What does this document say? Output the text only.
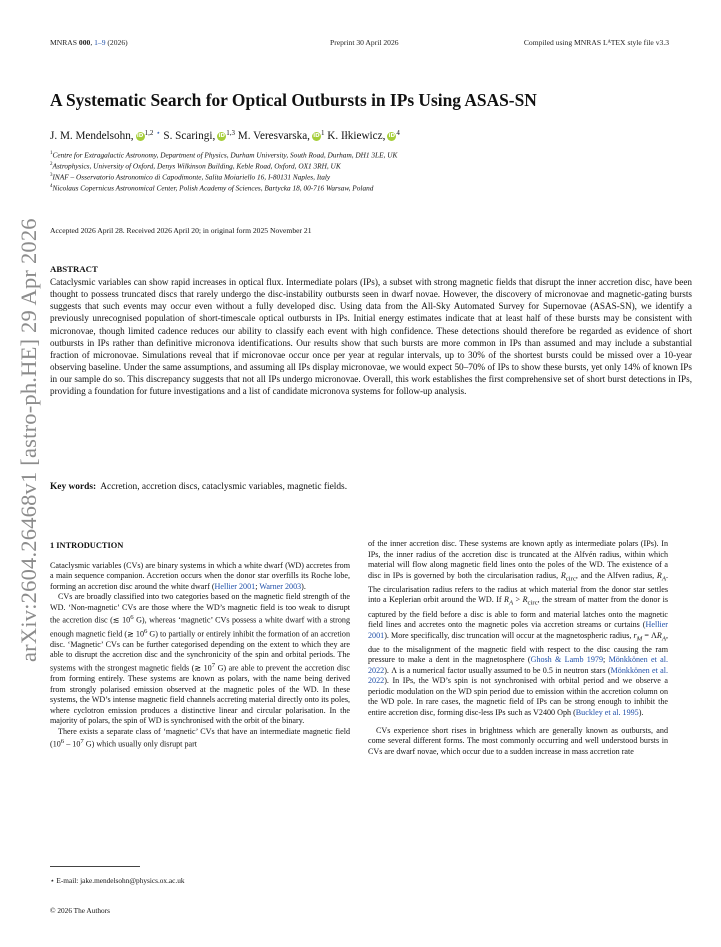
MNRAS 000, 1–9 (2026)	Preprint 30 April 2026	Compiled using MNRAS LᴬTEX style file v3.3
A Systematic Search for Optical Outbursts in IPs Using ASAS-SN
J. M. Mendelsohn, iD$^{1,2}$ ⋆ S. Scaringi, iD$^{1,3}$ M. Veresvarska, $iD^1$ K. Iłkiewicz, $iD^4$
$^1$Centre for Extragalactic Astronomy, Department of Physics, Durham University, South Road, Durham, DH1 3LE, UK
$^2$Astrophysics, University of Oxford, Denys Wilkinson Building, Keble Road, Oxford, OX1 3RH, UK
$^3$INAF – Osservatorio Astronomico di Capodimonte, Salita Moiariello 16, I-80131 Naples, Italy
$^4$Nicolaus Copernicus Astronomical Center, Polish Academy of Sciences, Bartycka 18, 00-716 Warsaw, Poland
Accepted 2026 April 28. Received 2026 April 20; in original form 2025 November 21
arXiv:2604.26468v1 [astro-ph.HE] 29 Apr 2026	ABSTRACT

Cataclysmic variables can show rapid increases in optical flux. Intermediate polars (IPs), a subset with strong magnetic fields that disrupt the inner accretion disc, have been thought to possess truncated discs that rarely undergo the disc-instability outbursts seen in dwarf novae. However, the discovery of micronovae and magnetic-gating bursts suggests that such events may occur even without a fully developed disc. Using data from the All-Sky Automated Survey for Supernovae (ASAS-SN), we identify a previously unrecognised population of short-timescale optical outbursts in IPs. Initial energy estimates indicate that at least half of these bursts may be consistent with micronovae, though limited cadence reduces our ability to classify each event with high confidence. These detections should therefore be regarded as evidence of short outbursts in IPs rather than definitive micronova identifications. Our results show that such bursts are more common in IPs than assumed and may include a substantial fraction of micronovae. Simulations reveal that if micronovae occur once per year at regular intervals, up to 30% of the shortest bursts could be missed over a 10-year observing baseline. Under the same assumptions, and assuming all IPs display micronovae, we would expect 50–70% of IPs to show these bursts, yet only 14% of known IPs in our sample do so. This discrepancy suggests that not all IPs undergo micronovae. Overall, this work establishes the first comprehensive set of short burst detections in IPs, providing a foundation for future investigations and a list of candidate micronova systems for follow-up analysis.

Key words: Accretion, accretion discs, cataclysmic variables, magnetic fields.
1 INTRODUCTION

Cataclysmic variables (CVs) are binary systems in which a white dwarf (WD) accretes from a main sequence companion. Accretion occurs when the donor star overfills its Roche lobe, forming an accretion disc around the white dwarf (Hellier 2001; Warner 2003).

CVs are broadly classified into two categories based on the magnetic field strength of the WD. ‘Non-magnetic’ CVs are those where the WD’s magnetic field is too weak to disrupt the accretion disc (≲ $10^6$ G), whereas ‘magnetic’ CVs possess a white dwarf with a strong enough magnetic field (≳ $10^6$ G) to partially or entirely inhibit the formation of an accretion disc. ‘Magnetic’ CVs can be further categorised depending on the extent to which they are able to disrupt the accretion disc and the synchronicity of the spin and orbital periods. The systems with the strongest magnetic fields (≳ $10^7$ G) are able to prevent the accretion disc from forming entirely. These systems are known as polars, with the name being derived from strongly polarised emission observed at the magnetic poles of the WD. In these systems, the WD’s intense magnetic field channels accreting material directly onto its poles, where cyclotron emission produces a distinctive linear and circular polarisation. In the majority of polars, the spin of WD is synchronised with the orbit of the binary.

There exists a separate class of ‘magnetic’ CVs that have an intermediate magnetic field ($10^6 - 10^7$ G) which usually only disrupt part

of the inner accretion disc. These systems are known aptly as intermediate polars (IPs). In IPs, the inner radius of the accretion disc is truncated at the Alfvén radius, within which material will flow along magnetic field lines onto the poles of the WD. The existence of a disc in IPs is governed by both the circularisation radius, $R_{circ}$, and the Alfven radius, $R_A$. The circularisation radius refers to the radius at which material from the donor star settles into a Keplerian orbit around the WD. If $R_A > R_{circ}$, the stream of matter from the donor is captured by the field before a disc is able to form and material latches onto the magnetic field lines and accretes onto the magnetic poles via accretion streams or curtains (Hellier 2001). More specifically, disc truncation will occur at the magnetospheric radius, $r_M = \Lambda R_A$, due to the misalignment of the magnetic field with respect to the disc causing the ram pressure to make a dent in the magnetosphere (Ghosh & Lamb 1979; Mönkkönen et al. 2022). Λ is a numerical factor usually assumed to be 0.5 in neutron stars (Mönkkönen et al. 2022). In IPs, the WD’s spin is not synchronised with orbital period and we observe a periodic modulation on the WD spin period due to emission within the accretion column on the WD pole. In rare cases, the magnetic field of IPs can be strong enough to inhibit the entire accretion disc, forming disc-less IPs such as V2400 Oph (Buckley et al. 1995).

CVs experience short rises in brightness which are generally known as outbursts, and come several different forms. The most commonly occurring and well understood bursts in CVs are dwarf novae, which occur due to a sudden increase in mass accretion rate

⋆ E-mail: jake.mendelsohn@physics.ox.ac.uk
© 2026 The Authors
